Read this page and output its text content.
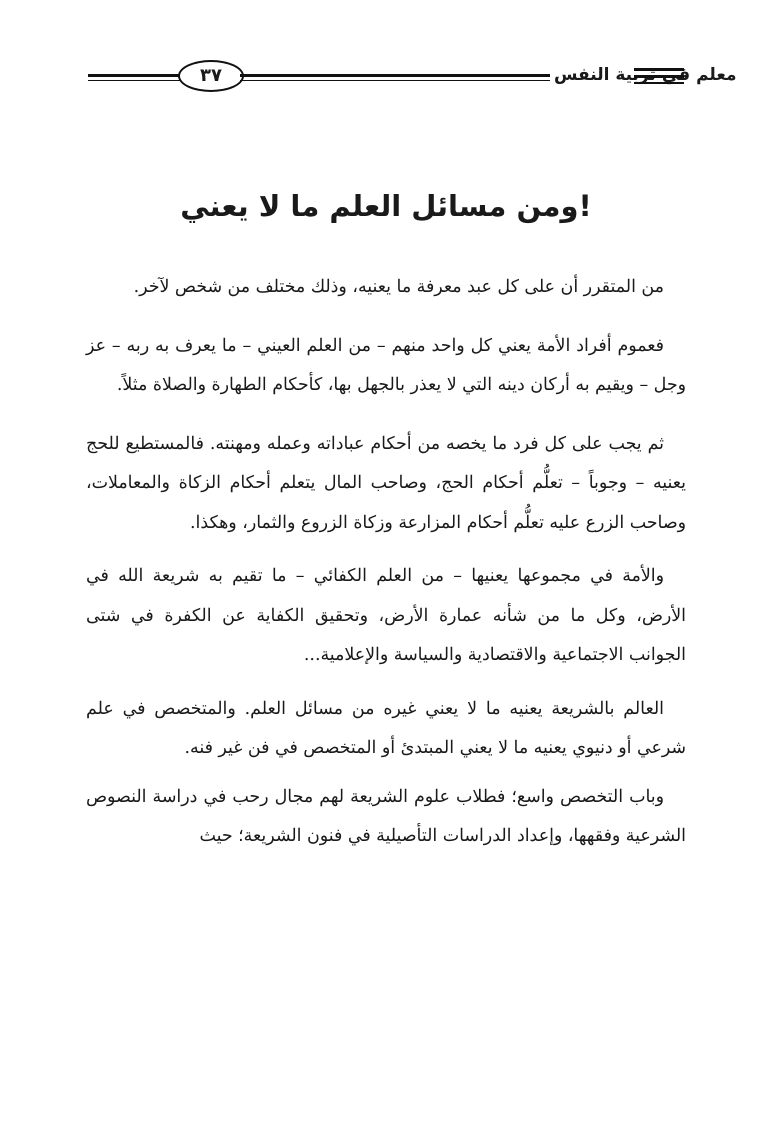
٣٧	معلم في تربية النفس
ومن مسائل العلم ما لا يعني!

من المتقرر أن على كل عبد معرفة ما يعنيه، وذلك مختلف من شخص لآخر.

فعموم أفراد الأمة يعني كل واحد منهم – من العلم العيني – ما يعرف به ربه – عز وجل – ويقيم به أركان دينه التي لا يعذر بالجهل بها، كأحكام الطهارة والصلاة مثلاً.

ثم يجب على كل فرد ما يخصه من أحكام عباداته وعمله ومهنته. فالمستطيع للحج يعنيه – وجوباً – تعلُّم أحكام الحج، وصاحب المال يتعلم أحكام الزكاة والمعاملات، وصاحب الزرع عليه تعلُّم أحكام المزارعة وزكاة الزروع والثمار، وهكذا.

والأمة في مجموعها يعنيها – من العلم الكفائي – ما تقيم به شريعة الله في الأرض، وكل ما من شأنه عمارة الأرض، وتحقيق الكفاية عن الكفرة في شتى الجوانب الاجتماعية والاقتصادية والسياسة والإعلامية...

العالم بالشريعة يعنيه ما لا يعني غيره من مسائل العلم. والمتخصص في علم شرعي أو دنيوي يعنيه ما لا يعني المبتدئ أو المتخصص في فن غير فنه.

وباب التخصص واسع؛ فطلاب علوم الشريعة لهم مجال رحب في دراسة النصوص الشرعية وفقهها، وإعداد الدراسات التأصيلية في فنون الشريعة؛ حيث
